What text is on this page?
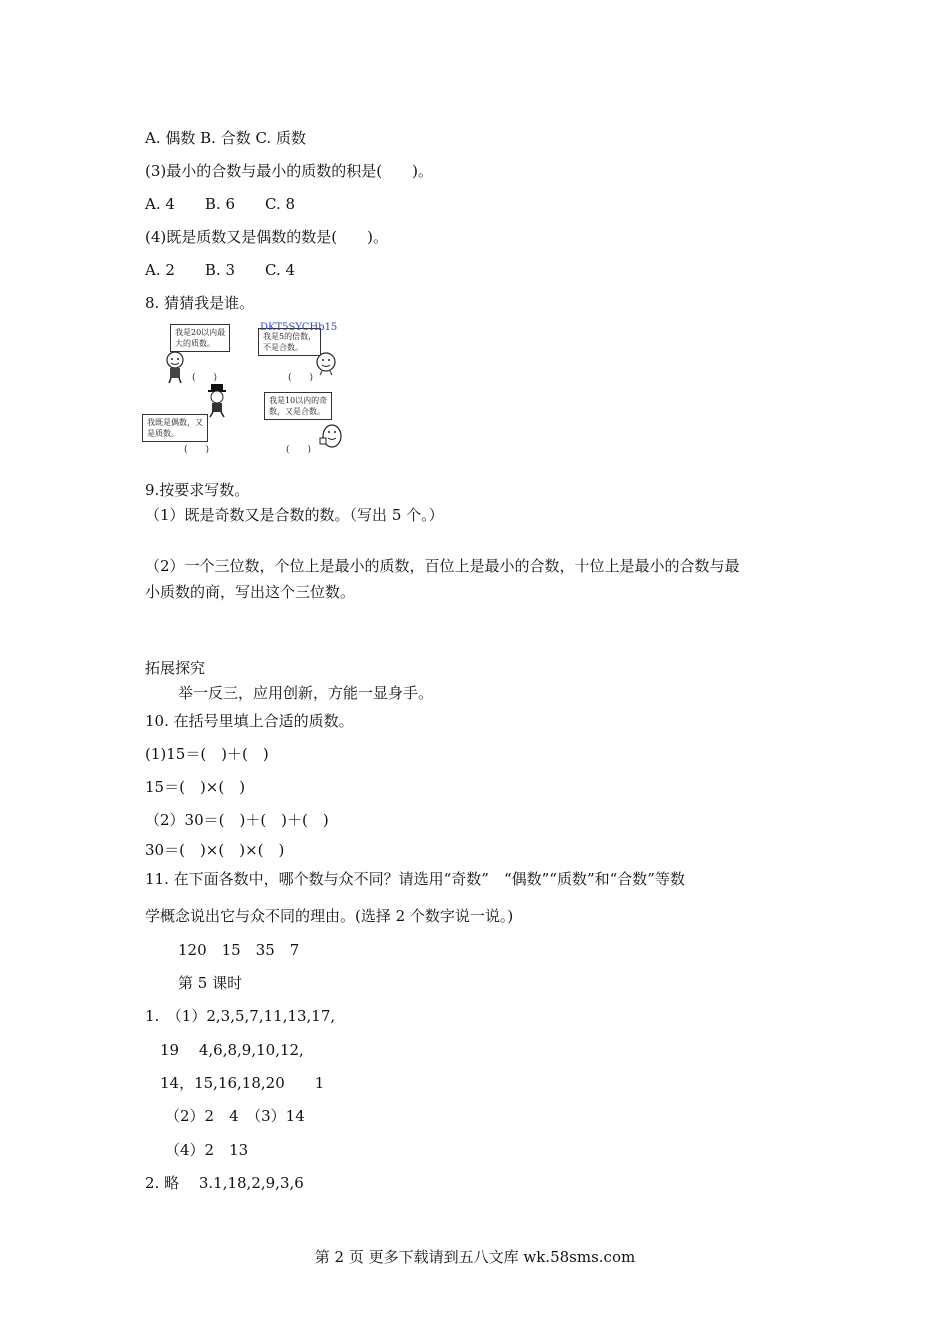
A. 偶数 B. 合数 C. 质数
(3)最小的合数与最小的质数的积是(　　)。
A. 4　　B. 6　　C. 8
(4)既是质数又是偶数的数是(　　)。
A. 2　　B. 3　　C. 4
8. 猜猜我是谁。
我是20以内最
大的质数。
(　　)
我是5的倍数，
不是合数。
DKT5SYCHb15
(　　)
我既是偶数，又
是质数。
(　　)
我是10以内的奇
数，又是合数。
(　　)
9.按要求写数。
（1）既是奇数又是合数的数。（写出 5 个。）
（2）一个三位数，个位上是最小的质数，百位上是最小的合数，十位上是最小的合数与最
小质数的商，写出这个三位数。
拓展探究
举一反三，应用创新，方能一显身手。
10. 在括号里填上合适的质数。
(1)15＝(　)＋(　)
15＝(　)×(　)
（2）30＝(　)＋(　)＋(　)
30＝(　)×(　)×(　)
11. 在下面各数中，哪个数与众不同？请选用“奇数”　“偶数”“质数”和“合数”等数
学概念说出它与众不同的理由。(选择 2 个数字说一说。)
120　15　35　7
第 5 课时
1.　（1）2,3,5,7,11,13,17,
19　 4,6,8,9,10,12,
14，15,16,18,20　　1
（2）2　4　（3）14
（4）2　13
2. 略　 3.1,18,2,9,3,6
第 2 页 更多下载请到五八文库 wk.58sms.com
